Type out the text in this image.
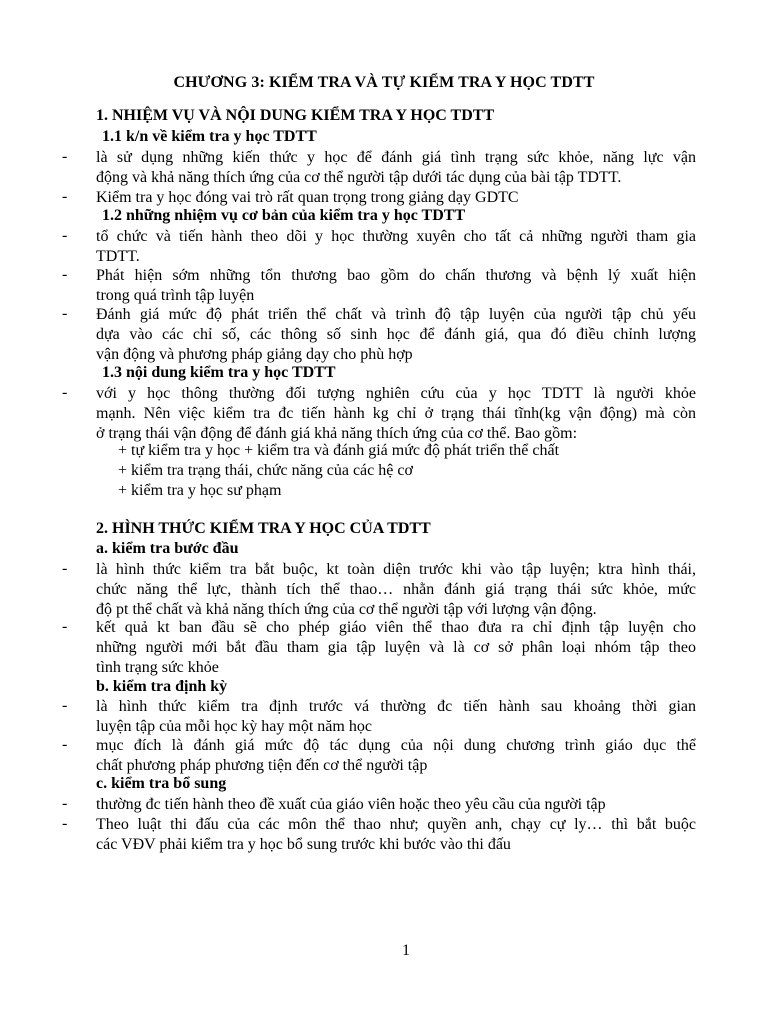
CHƯƠNG 3: KIỂM TRA VÀ TỰ KIỂM TRA Y HỌC TDTT
1. NHIỆM VỤ VÀ NỘI DUNG KIỂM TRA Y HỌC TDTT
1.1 k/n về kiểm tra y học TDTT
- là sử dụng những kiến thức y học để đánh giá tình trạng sức khỏe, năng lực vận
động và khả năng thích ứng của cơ thể người tập dưới tác dụng của bài tập TDTT.
- Kiểm tra y học đóng vai trò rất quan trọng trong giảng dạy GDTC
1.2 những nhiệm vụ cơ bản của kiểm tra y học TDTT
- tổ chức và tiến hành theo dõi y học thường xuyên cho tất cả những người tham gia
TDTT.
- Phát hiện sớm những tổn thương bao gồm do chấn thương và bệnh lý xuất hiện
trong quá trình tập luyện
- Đánh giá mức độ phát triển thể chất và trình độ tập luyện của người tập chủ yếu
dựa vào các chỉ số, các thông số sinh học để đánh giá, qua đó điều chỉnh lượng
vận động và phương pháp giảng dạy cho phù hợp
1.3 nội dung kiểm tra y học TDTT
- với y học thông thường đối tượng nghiên cứu của y học TDTT là người khỏe
mạnh. Nên việc kiểm tra đc tiến hành kg chỉ ở trạng thái tĩnh(kg vận động) mà còn
ở trạng thái vận động để đánh giá khả năng thích ứng của cơ thể. Bao gồm:
+ tự kiểm tra y học + kiểm tra và đánh giá mức độ phát triển thể chất
+ kiểm tra trạng thái, chức năng của các hệ cơ
+ kiểm tra y học sư phạm
2. HÌNH THỨC KIỂM TRA Y HỌC CỦA TDTT
a. kiểm tra bước đầu
- là hình thức kiểm tra bắt buộc, kt toàn diện trước khi vào tập luyện; ktra hình thái,
chức năng thể lực, thành tích thể thao… nhằn đánh giá trạng thái sức khỏe, mức
độ pt thể chất và khả năng thích ứng của cơ thể người tập với lượng vận động.
- kết quả kt ban đầu sẽ cho phép giáo viên thể thao đưa ra chỉ định tập luyện cho
những người mới bắt đầu tham gia tập luyện và là cơ sở phân loại nhóm tập theo
tình trạng sức khỏe
b. kiểm tra định kỳ
- là hình thức kiểm tra định trước vá thường đc tiến hành sau khoảng thời gian
luyện tập của mỗi học kỳ hay một năm học
- mục đích là đánh giá mức độ tác dụng của nội dung chương trình giáo dục thể
chất phương pháp phương tiện đến cơ thể người tập
c. kiểm tra bổ sung
- thường đc tiến hành theo đề xuất của giáo viên hoặc theo yêu cầu của người tập
- Theo luật thi đấu của các môn thể thao như; quyền anh, chạy cự ly… thì bắt buộc
các VĐV phải kiểm tra y học bổ sung trước khi bước vào thi đấu
1
